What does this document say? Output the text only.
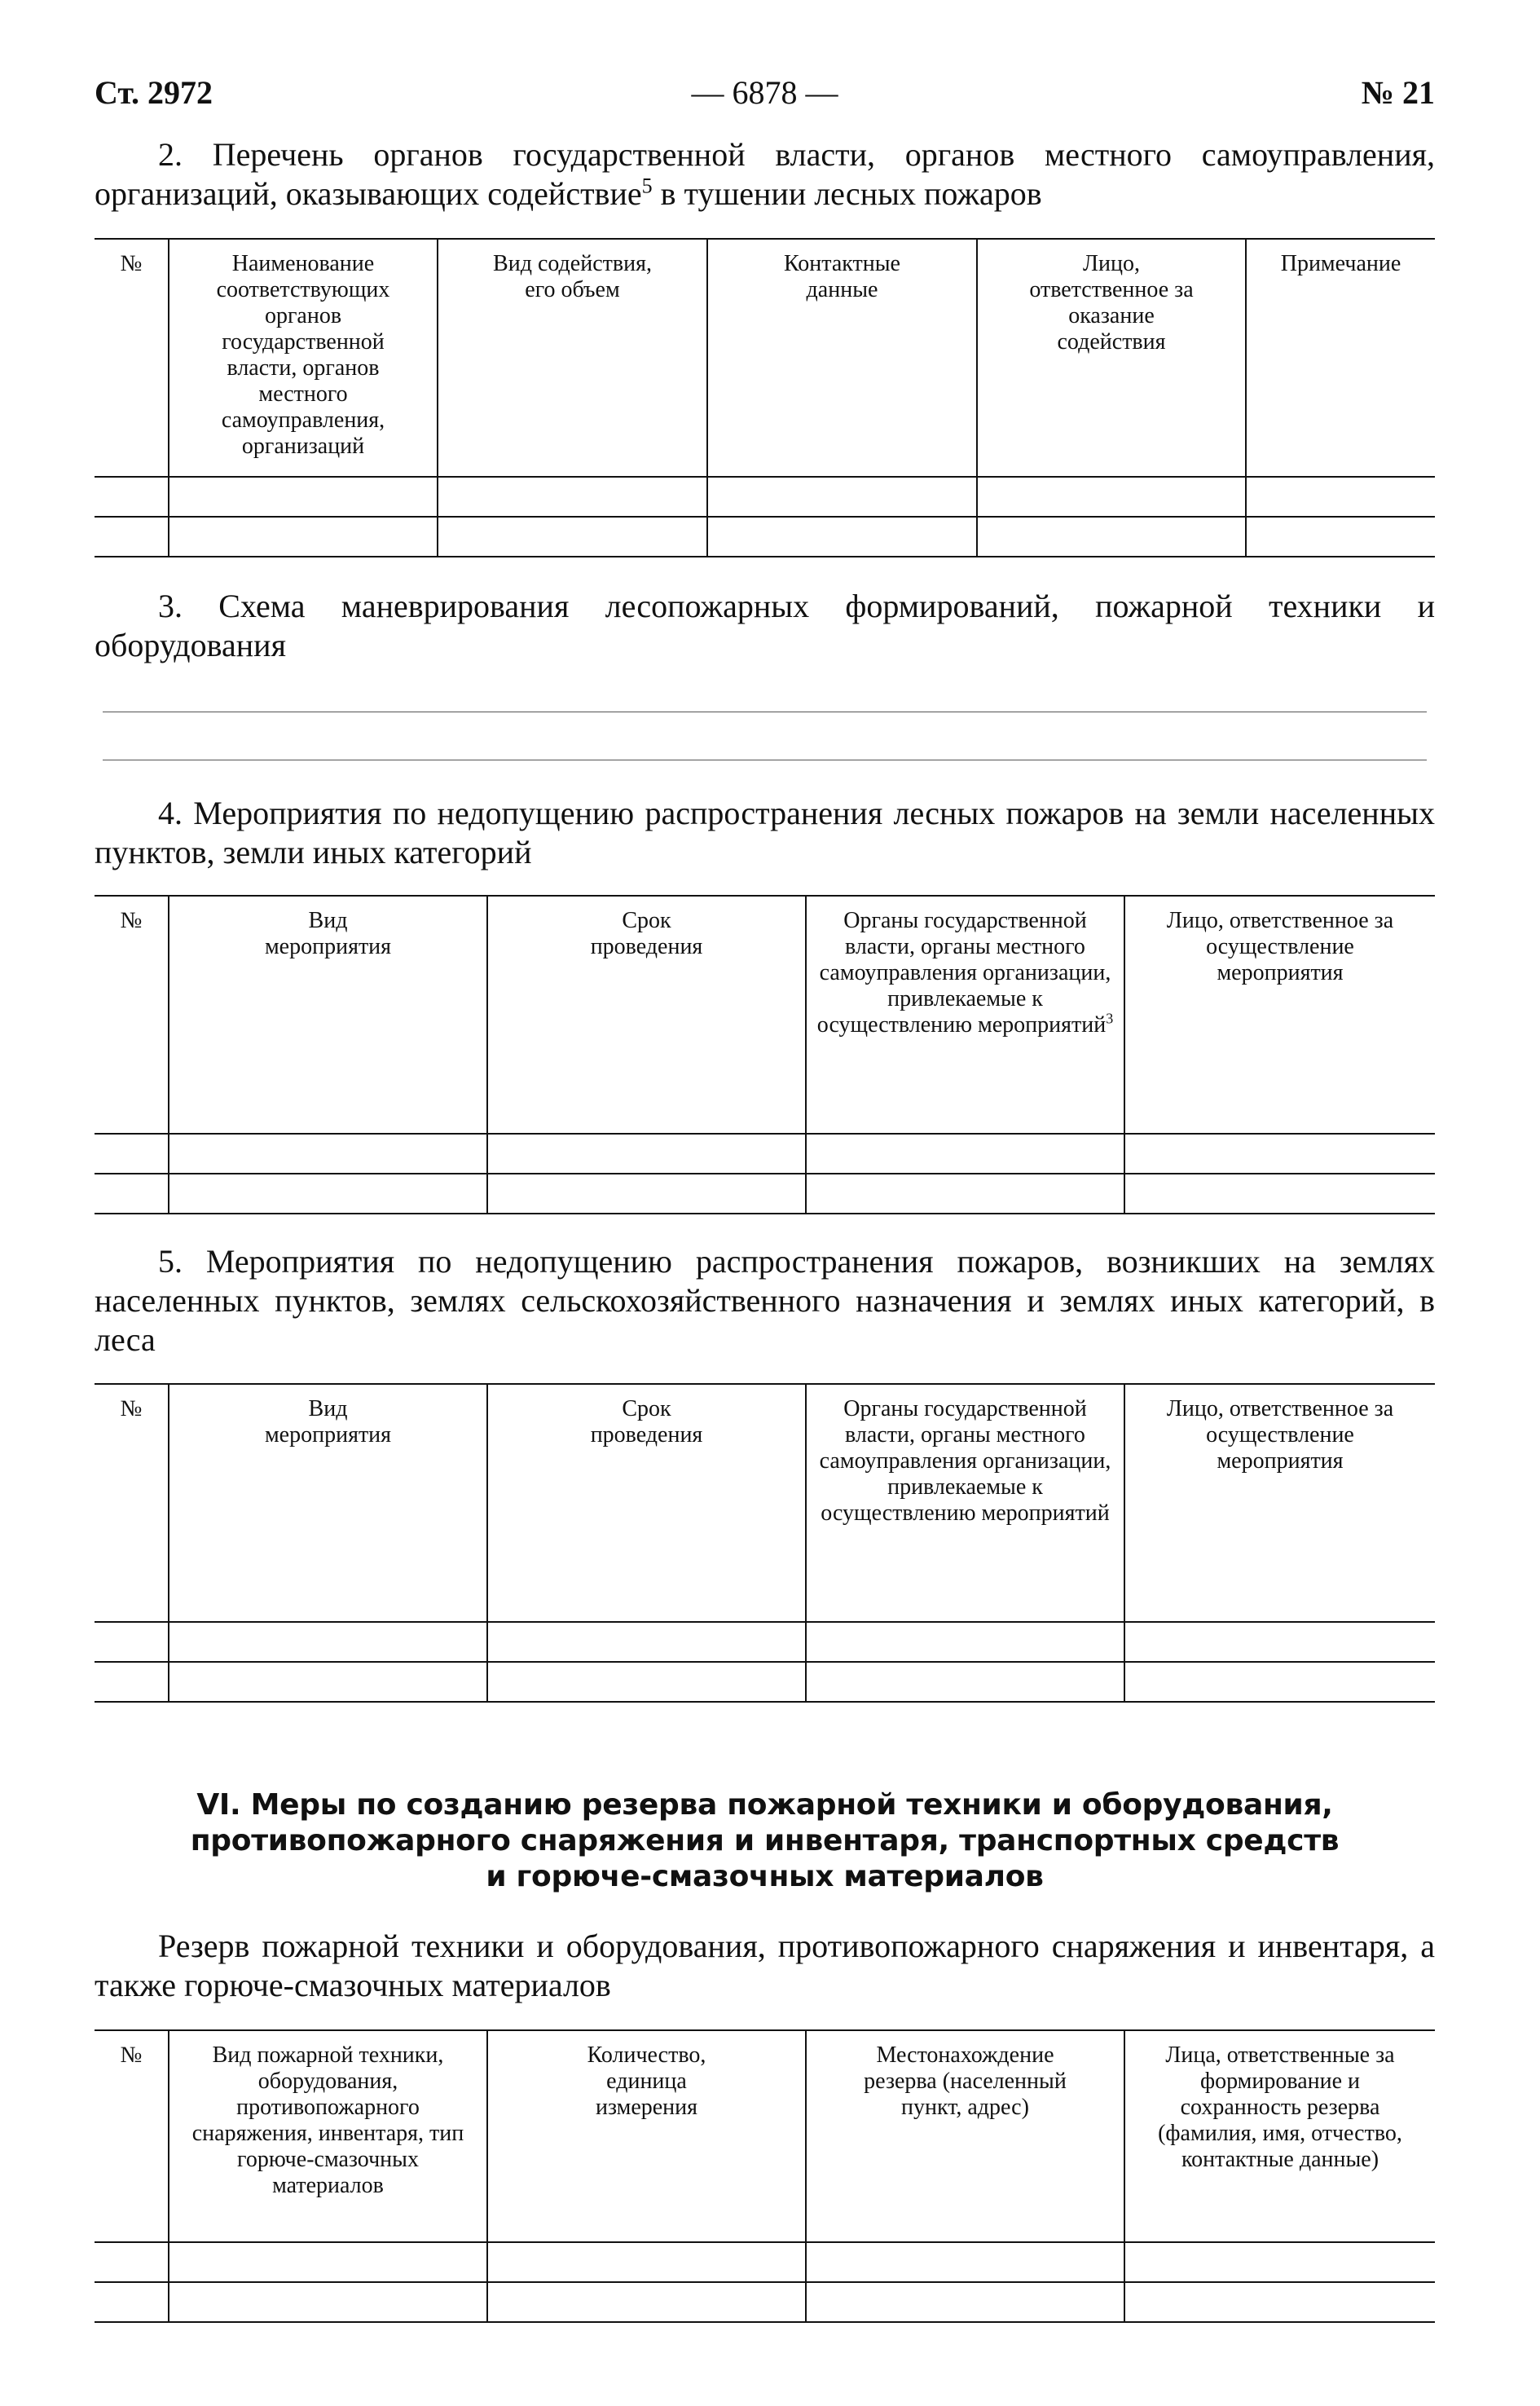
Ст. 2972	— 6878 —	№ 21

2. Перечень органов государственной власти, органов местного самоуправления, организаций, оказывающих содействие$^5$ в тушении лесных пожаров

№	Наименование соответствующих органов государственной власти, органов местного самоуправления, организаций	Вид содействия, его объем	Контактные данные	Лицо, ответственное за оказание содействия	Примечание

3. Схема маневрирования лесопожарных формирований, пожарной техники и оборудования

4. Мероприятия по недопущению распространения лесных пожаров на земли населенных пунктов, земли иных категорий

№	Вид мероприятия	Срок проведения	Органы государственной власти, органы местного самоуправления организации, привлекаемые к осуществлению мероприятий$^3$	Лицо, ответственное за осуществление мероприятия

5. Мероприятия по недопущению распространения пожаров, возникших на землях населенных пунктов, землях сельскохозяйственного назначения и землях иных категорий, в леса

№	Вид мероприятия	Срок проведения	Органы государственной власти, органы местного самоуправления организации, привлекаемые к осуществлению мероприятий	Лицо, ответственное за осуществление мероприятия

VI. Меры по созданию резерва пожарной техники и оборудования,
противопожарного снаряжения и инвентаря, транспортных средств
и горюче-смазочных материалов

Резерв пожарной техники и оборудования, противопожарного снаряжения и инвентаря, а также горюче-смазочных материалов

№	Вид пожарной техники, оборудования, противопожарного снаряжения, инвентаря, тип горюче-смазочных материалов	Количество, единица измерения	Местонахождение резерва (населенный пункт, адрес)	Лица, ответственные за формирование и сохранность резерва (фамилия, имя, отчество, контактные данные)
